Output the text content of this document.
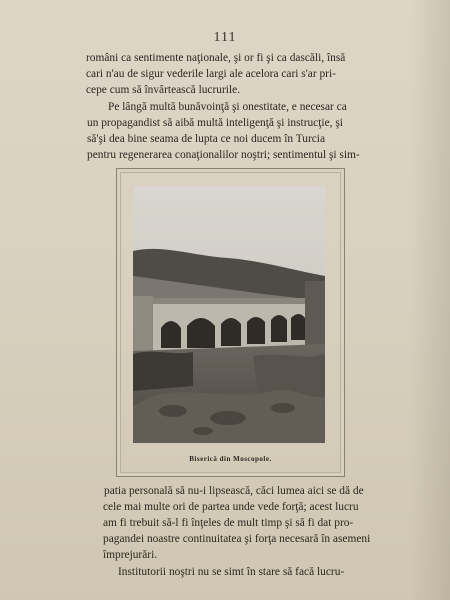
111
români ca sentimente naţionale, şi or fi şi ca dascăli, însă
cari n'au de sigur vederile largi ale acelora cari s'ar pri-
cepe cum să învârtească lucrurile.
Pe lângă multă bunăvoinţă şi onestitate, e necesar ca
un propagandist să aibă multă inteligenţă şi instrucţie, şi
să'şi dea bine seama de lupta ce noi ducem în Turcia
pentru regenerarea conaţionalilor noştri; sentimentul şi sim-
Biserică din Moscopole.
patia personală să nu-i lipsească, căci lumea aici se dă de
cele mai multe ori de partea unde vede forţă; acest lucru
am fi trebuit să-l fi înţeles de mult timp şi să fi dat pro-
pagandei noastre continuitatea şi forţa necesară în asemeni
împrejurări.
Institutorii noştri nu se simt în stare să facă lucru-
